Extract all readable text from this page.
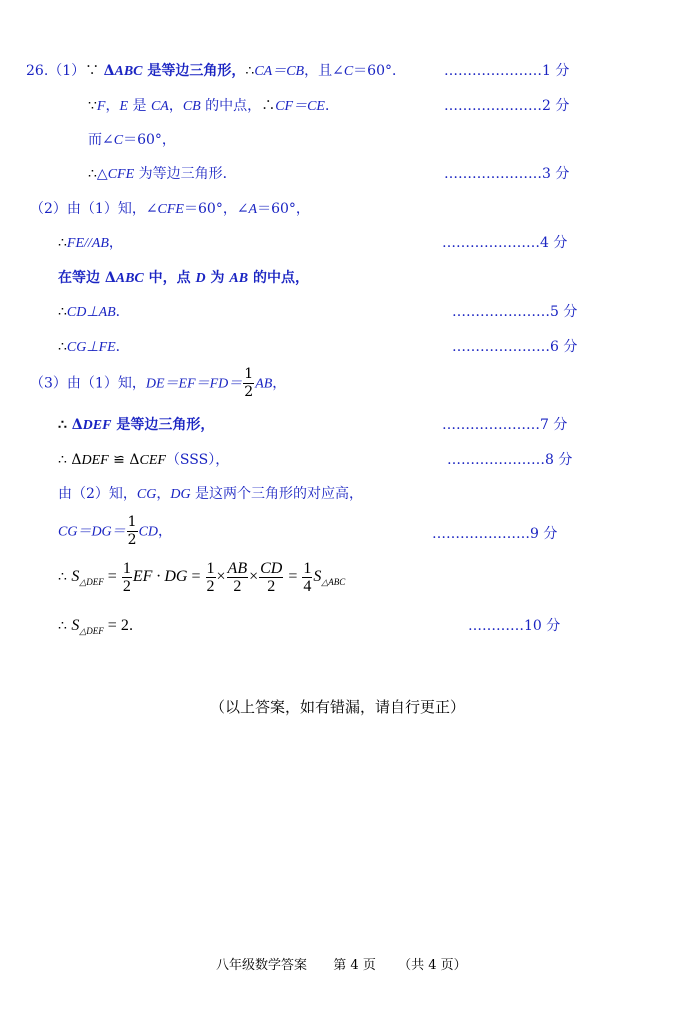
26.（1）∵ ΔABC 是等边三角形，∴CA＝CB，且∠C＝60°．	…………………1 分
∵F，E 是 CA，CB 的中点，∴CF＝CE．	…………………2 分
而∠C＝60°，
∴△CFE 为等边三角形．	…………………3 分
（2）由（1）知，∠CFE＝60°，∠A＝60°，
∴FE//AB，	…………………4 分
在等边 ΔABC 中，点 D 为 AB 的中点，
∴CD⊥AB．	…………………5 分
∴CG⊥FE．	…………………6 分
（3）由（1）知，$DE=EF=FD= \frac{1}{2}$ AB，
∴ ΔDEF 是等边三角形，	…………………7 分
∴ ΔDEF ≌ ΔCEF（SSS），	…………………8 分
由（2）知，CG，DG 是这两个三角形的对应高，
$CG=DG= \frac{1}{2}$ CD，	…………………9 分
∴ $S_{\triangle DEF} = \frac{1}{2}$ EF · DG = $\frac{1}{2} \times \frac{AB}{2} \times \frac{CD}{2} = \frac{1}{4} S_{\triangle ABC}$
∴ $S_{\triangle DEF} = 2$．	…………10 分
（以上答案，如有错漏，请自行更正）
八年级数学答案 第 4 页 （共 4 页）
